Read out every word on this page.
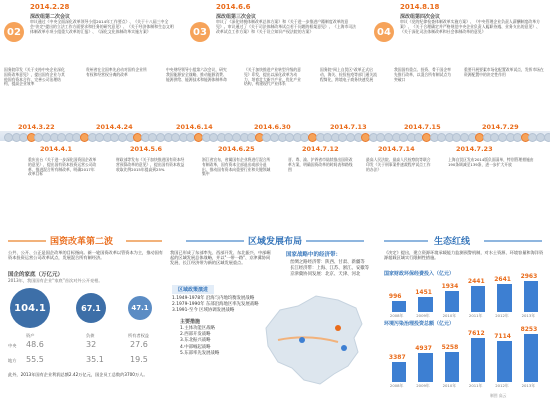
02
2014.2.28
深改组第二次会议
审议通过《中央全面深化改革领导小组2014年工作要点》、《关于十八届三中全会"决定"提出的立法工作方面要求和任务的研究意见》、《关于经济体制和生态文明体制改革专项小组重大改革的汇报》、《深化文化体制改革实施方案》	03
2014.6.6
深改组第三次会议
审议了《深化财税体制改革总体方案》和《关于进一步推进户籍制度改革的意见》。审议通过了《关于司法体制改革试点若干问题的框架意见》、《上海市司法改革试点工作方案》和《关于设立知识产权法院的方案》	04
2014.8.18
深改组第四次会议
审议《党的纪律检查体制改革实施方案》、《中央管理企业负责人薪酬制度改革方案》、《关于合理确定并严格规范中央企业负责人履职待遇、业务支出的意见》、《关于深化司法体制改革和社会体制改革的意见》
国务院印发《关于支持中央企业深化国资改革意见》，提出国有企业与其他国有资本合作，完善公司治理结构，提高企业效率
贵州省在全国率先启动对国有企业所有权和经营权分离的改革
中央财经领导小组第六次会议，研究我国能源安全战略，推动能源消费、能源供给、能源技术和能源体制革命
《关于加快推进产业转型升级的意见》印发，提出以深化改革为动力，培育壮大新兴产业，优化产业结构，构建现代产业体系
国务院"网上自贸区"改革正式启动，海关、检验检疫等部门通关流程简化，跨境电子商务快速发展
我国国有重点、投资、骨干国企率先推行改革，以混合所有制试点为突破口
重要开展要素市场化配置改革试点，发挥市场在资源配置中的决定性作用
2014.3.22	2014.4.24	2014.6.14	2014.6.30	2014.7.13	2014.7.15	2014.7.29
2014.4.1	2014.5.6	2014.6.25	2014.7.12	2014.7.14	2014.7.23
重庆出台《关于进一步深化国资国企改革的意见》，提出国有资本投资运营公司改革、推进混合所有制改革，明确2017年改革目标
财政部等发布《关于加快推进国有资本经营预算改革的意见》，提出国有资本收益收取比例2015年提高到25%
浙江省宣布，省属国有企业将进行混合所有制改革，国有资本全部退出或部分退出，推动国有资本向重要行业和关键领域集中
晋、粤、渝、沪四省市陆续推出国资改革方案，明确国资改革的时间表和路线图
最高人民法院、最高人民检察院等联合印发《关于刑事案件速裁程序试点工作的办法》
上海自贸区发布2014版负面清单，特别管理措施由190条调减至139条，进一步扩大开放
国资改革第二波
公共、公开、公正是国企改革的目标指向。新一轮国资改革以管资本为主，推动国有资本投资运营公司改革试点，发展混合所有制经济。
国企的家底（万亿元）
2013年，我国国有企业“家底”首次对外公开亮相。
104.1	67.1	47.1
资产	负债	所有者权益
中央 48.6	32	27.6
地方 55.5	35.1	19.5
此外，2013年国有企业利润总额2.42万亿元，国企员工总数约3700万人。
区域发展布局
我国已形成了东部率先、西部开发、东北振兴、中部崛起的区域发展总体战略，并以"一带一路"、京津冀协同发展、长江经济带为新的区域发展重点。
国家战略中的经济带：
丝绸之路经济带：陕西、甘肃、新疆等
长江经济带：上海、江苏、浙江、安徽等
京津冀协同发展：北京、天津、河北
区域政策演进
1.1949-1978年 沿海与内地均衡发展战略
2.1979-1990年 东部沿海地区率先发展战略
3.1991-至今 区域协调发展战略
主要措施
1.主体功能区战略
2.西部开发战略
3.东北振兴战略
4.中部崛起战略
5.东部率先发展战略
生态红线
《决定》提出，建立资源环境承载能力监测预警机制，对水土资源、环境容量和海洋资源超载区域实行限制性措施。
国家财政环保经费投入（亿元）
996
2008年
1451
2009年
1934
2010年
2441
2011年
2641
2012年
2963
2013年
环境污染治理投资总额（亿元）
3387
2008年
4937
2009年
5258
2010年
7612
2011年
7114
2012年
8253
2013年
制图 高云
